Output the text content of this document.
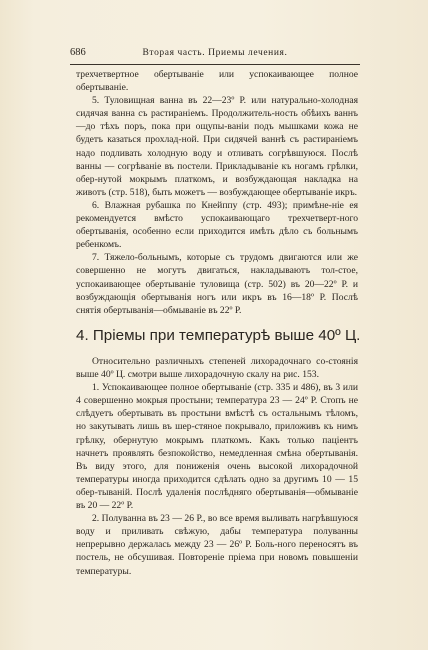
686	Вторая часть. Приемы лечения.

трехчетвертное обертываніе или успокаивающее полное обертываніе.

5. Туловищная ванна въ 22—23º Р. или натурально-холодная сидячая ванна съ растираніемъ. Продолжитель-ность обѣихъ ваннъ—до тѣхъ поръ, пока при ощупы-ваніи подъ мышками кожа не будетъ казаться прохлад-ной. При сидячей ваннѣ съ растираніемъ надо подливать холодную воду и отливать согрѣвшуюся. Послѣ ванны — согрѣваніе въ постели. Прикладываніе къ ногамъ грѣлки, обер-нутой мокрымъ платкомъ, и возбуждающая накладка на животъ (стр. 518), быть можетъ — возбуждающее обертываніе икръ.

6. Влажная рубашка по Кнейппу (стр. 493); примѣне-ніе ея рекомендуется вмѣсто успокаивающаго трехчетверт-ного обертыванія, особенно если приходится имѣть дѣло съ больнымъ ребенкомъ.

7. Тяжело-больнымъ, которые съ трудомъ двигаются или же совершенно не могутъ двигаться, накладываютъ тол-стое, успокаивающее обертываніе туловища (стр. 502) въ 20—22º Р. и возбуждающія обертыванія ногъ или икръ въ 16—18º Р. Послѣ снятія обертыванія—обмываніе въ 22º Р.

4. Пріемы при температурѣ выше 40º Ц.

Относительно различныхъ степеней лихорадочнаго со-стоянія выше 40º Ц. смотри выше лихорадочную скалу на рис. 153.

1. Успокаивающее полное обертываніе (стр. 335 и 486), въ 3 или 4 совершенно мокрыя простыни; температура 23 — 24º Р. Стопъ не слѣдуетъ обертывать въ простыни вмѣстѣ съ остальнымъ тѣломъ, но закутывать лишь въ шер-стяное покрывало, приложивъ къ нимъ грѣлку, обернутую мокрымъ платкомъ. Какъ только паціентъ начнетъ проявлять безпокойство, немедленная смѣна обертыванія. Въ виду этого, для пониженія очень высокой лихорадочной температуры иногда приходится сдѣлать одно за другимъ 10 — 15 обер-тываній. Послѣ удаленія послѣдняго обертыванія—обмываніе въ 20 — 22º Р.

2. Полуванна въ 23 — 26 Р., во все время выливать нагрѣвшуюся воду и приливать свѣжую, дабы температура полуванны непрерывно держалась между 23 — 26º Р. Боль-ного переносятъ въ постель, не обсушивая. Повтореніе пріема при новомъ повышеніи температуры.
